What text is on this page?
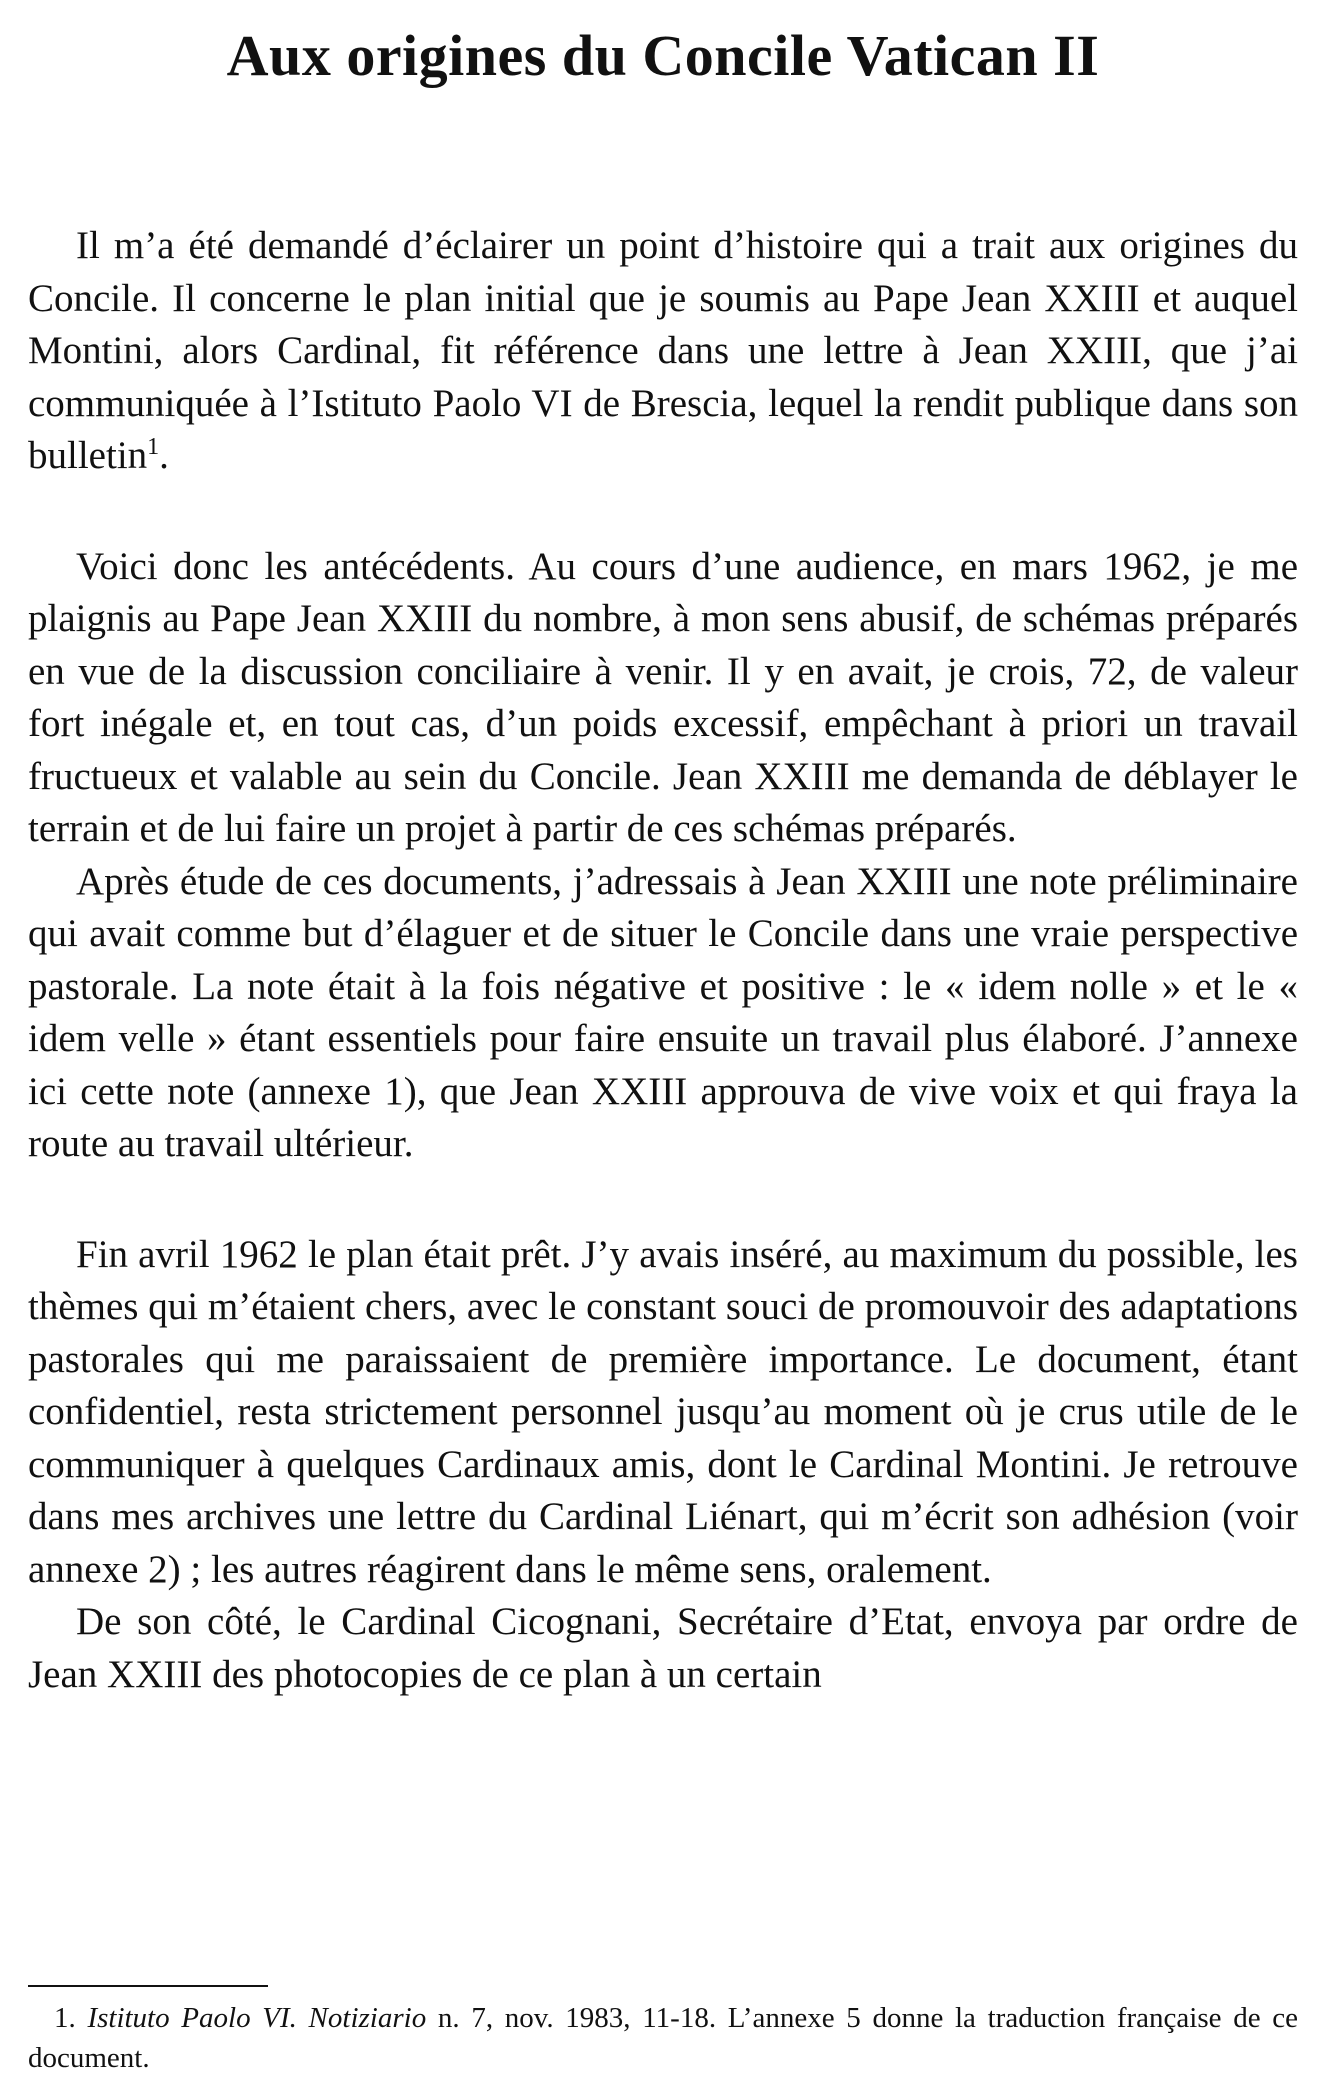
Aux origines du Concile Vatican II

Il m’a été demandé d’éclairer un point d’histoire qui a trait aux origines du Concile. Il concerne le plan initial que je soumis au Pape Jean XXIII et auquel Montini, alors Cardinal, fit référence dans une lettre à Jean XXIII, que j’ai communiquée à l’Istituto Paolo VI de Brescia, lequel la rendit publique dans son bulletin$^1$.

Voici donc les antécédents. Au cours d’une audience, en mars 1962, je me plaignis au Pape Jean XXIII du nombre, à mon sens abusif, de schémas préparés en vue de la discussion conciliaire à venir. Il y en avait, je crois, 72, de valeur fort inégale et, en tout cas, d’un poids excessif, empêchant à priori un travail fructueux et valable au sein du Concile. Jean XXIII me demanda de déblayer le terrain et de lui faire un projet à partir de ces schémas préparés.

Après étude de ces documents, j’adressais à Jean XXIII une note préliminaire qui avait comme but d’élaguer et de situer le Concile dans une vraie perspective pastorale. La note était à la fois négative et positive : le « idem nolle » et le « idem velle » étant essentiels pour faire ensuite un travail plus élaboré. J’annexe ici cette note (annexe 1), que Jean XXIII approuva de vive voix et qui fraya la route au travail ultérieur.

Fin avril 1962 le plan était prêt. J’y avais inséré, au maximum du possible, les thèmes qui m’étaient chers, avec le constant souci de promouvoir des adaptations pastorales qui me paraissaient de première importance. Le document, étant confidentiel, resta strictement personnel jusqu’au moment où je crus utile de le communiquer à quelques Cardinaux amis, dont le Cardinal Montini. Je retrouve dans mes archives une lettre du Cardinal Liénart, qui m’écrit son adhésion (voir annexe 2) ; les autres réagirent dans le même sens, oralement.

De son côté, le Cardinal Cicognani, Secrétaire d’Etat, envoya par ordre de Jean XXIII des photocopies de ce plan à un certain

1. Istituto Paolo VI. Notiziario n. 7, nov. 1983, 11-18. L’annexe 5 donne la traduction française de ce document.
